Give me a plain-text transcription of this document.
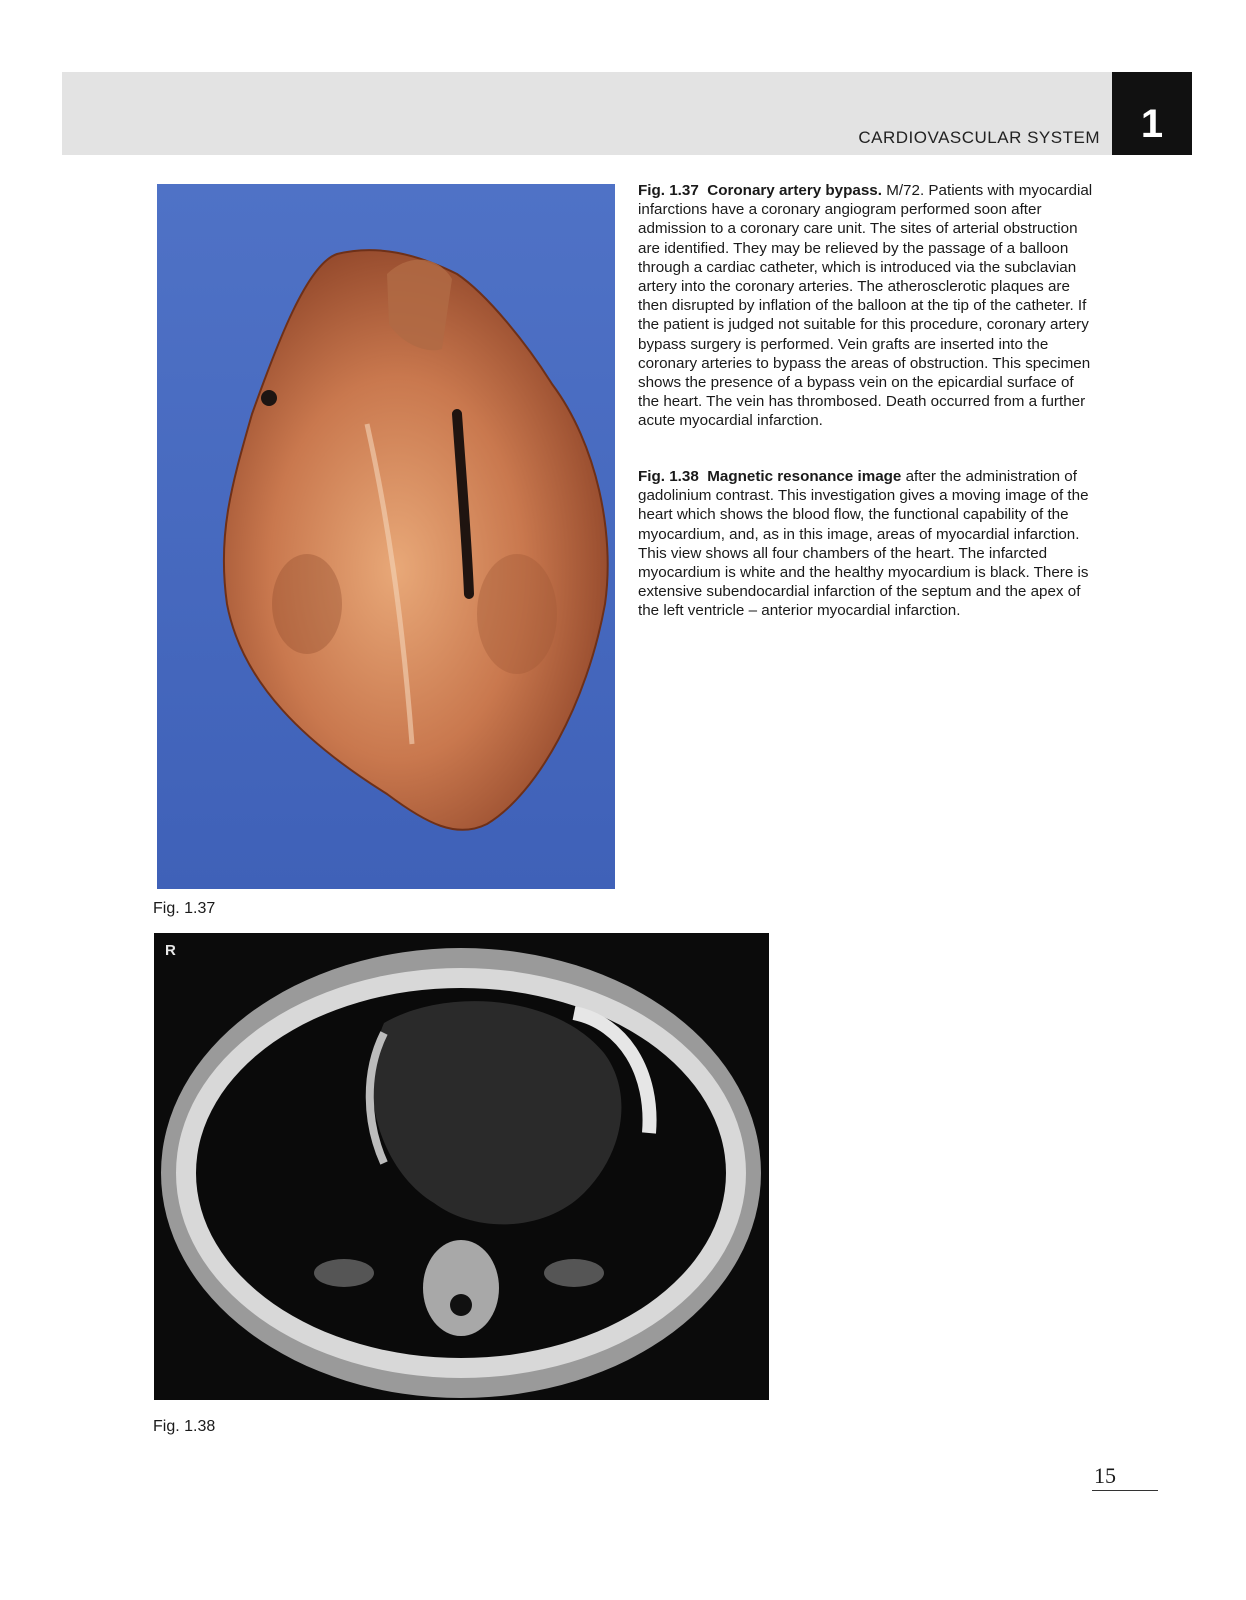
CARDIOVASCULAR SYSTEM	1
Fig. 1.37
R
Fig. 1.38
Fig. 1.37 Coronary artery bypass. M/72. Patients with myocardial infarctions have a coronary angiogram performed soon after admission to a coronary care unit. The sites of arterial obstruction are identified. They may be relieved by the passage of a balloon through a cardiac catheter, which is introduced via the subclavian artery into the coronary arteries. The atherosclerotic plaques are then disrupted by inflation of the balloon at the tip of the catheter. If the patient is judged not suitable for this procedure, coronary artery bypass surgery is performed. Vein grafts are inserted into the coronary arteries to bypass the areas of obstruction. This specimen shows the presence of a bypass vein on the epicardial surface of the heart. The vein has thrombosed. Death occurred from a further acute myocardial infarction.
Fig. 1.38 Magnetic resonance image after the administration of gadolinium contrast. This investigation gives a moving image of the heart which shows the blood flow, the functional capability of the myocardium, and, as in this image, areas of myocardial infarction. This view shows all four chambers of the heart. The infarcted myocardium is white and the healthy myocardium is black. There is extensive subendocardial infarction of the septum and the apex of the left ventricle – anterior myocardial infarction.
15
